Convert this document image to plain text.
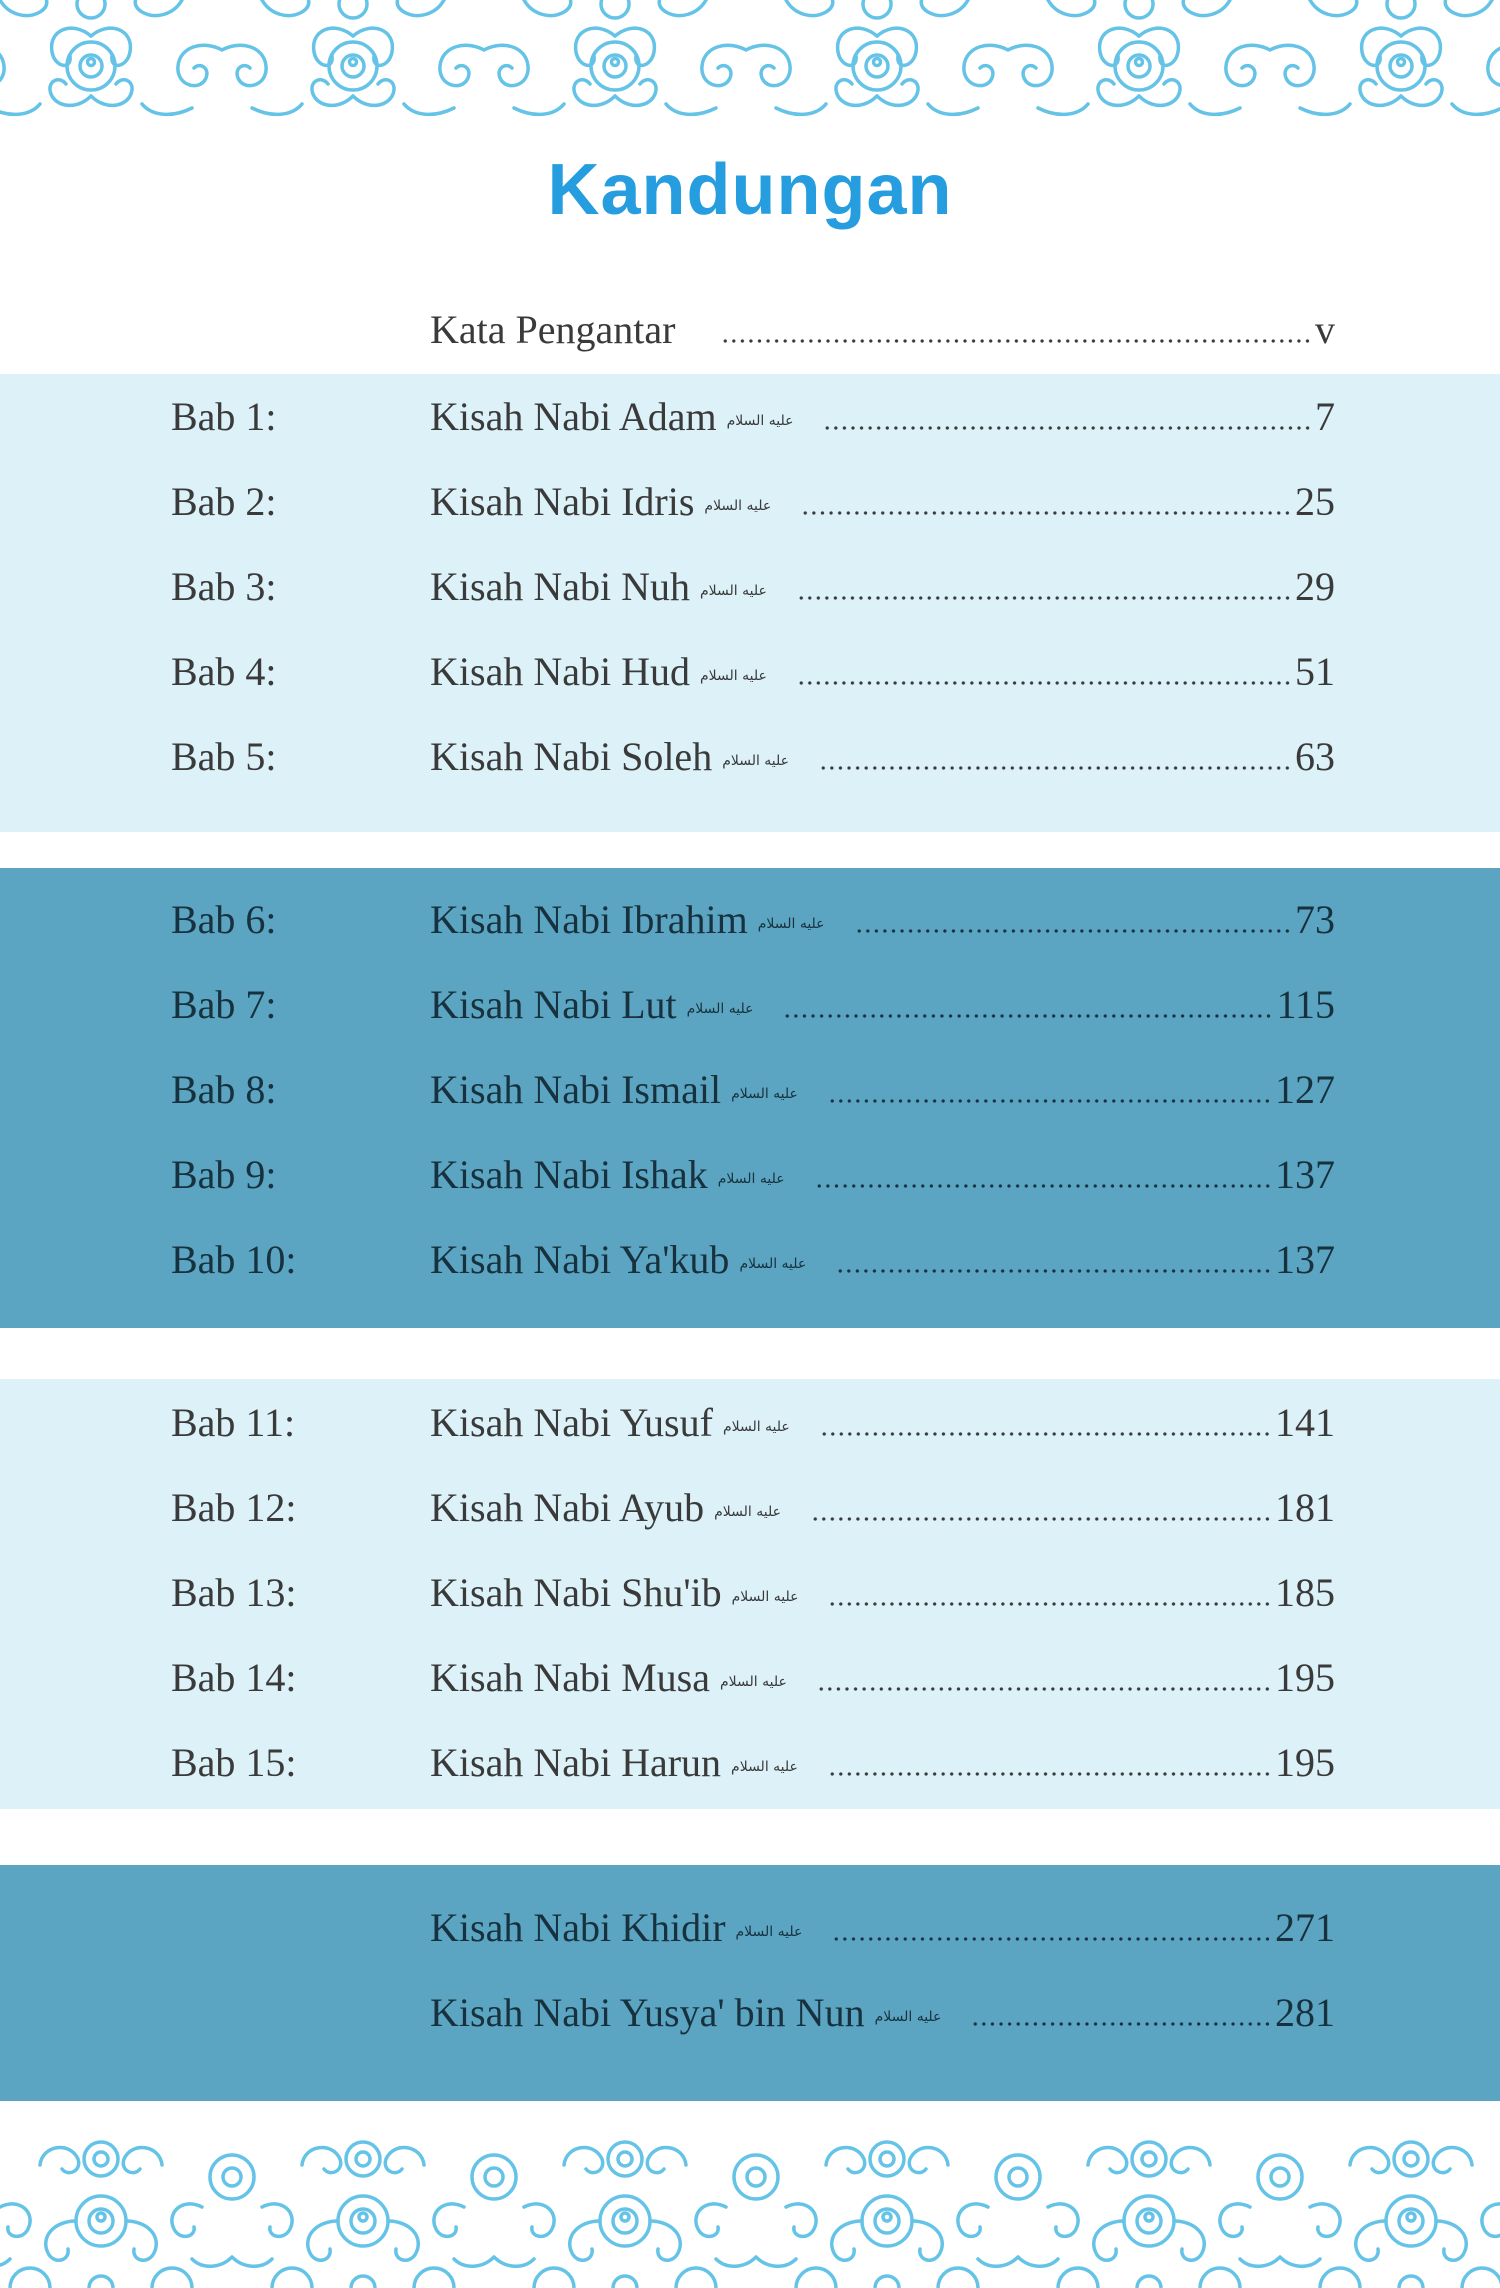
Kandungan
Kata Pengantar	v
Bab 1:	Kisah Nabi Adam عليه السلام	7
Bab 2:	Kisah Nabi Idris عليه السلام	25
Bab 3:	Kisah Nabi Nuh عليه السلام	29
Bab 4:	Kisah Nabi Hud عليه السلام	51
Bab 5:	Kisah Nabi Soleh عليه السلام	63
Bab 6:	Kisah Nabi Ibrahim عليه السلام	73
Bab 7:	Kisah Nabi Lut عليه السلام	115
Bab 8:	Kisah Nabi Ismail عليه السلام	127
Bab 9:	Kisah Nabi Ishak عليه السلام	137
Bab 10:	Kisah Nabi Ya'kub عليه السلام	137
Bab 11:	Kisah Nabi Yusuf عليه السلام	141
Bab 12:	Kisah Nabi Ayub عليه السلام	181
Bab 13:	Kisah Nabi Shu'ib عليه السلام	185
Bab 14:	Kisah Nabi Musa عليه السلام	195
Bab 15:	Kisah Nabi Harun عليه السلام	195
Kisah Nabi Khidir عليه السلام	271
Kisah Nabi Yusya' bin Nun عليه السلام	281
